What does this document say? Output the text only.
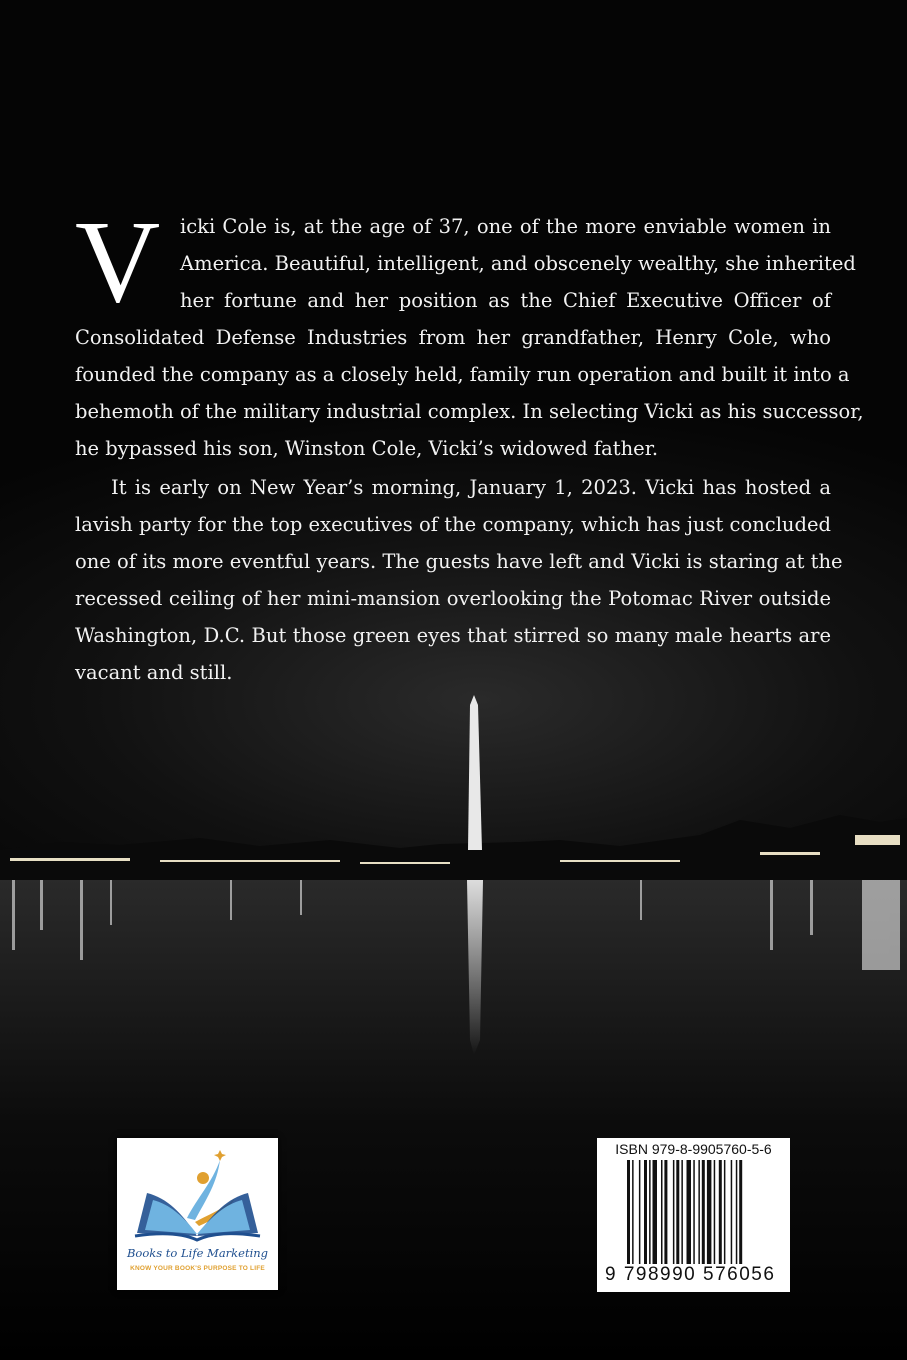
V	icki Cole is, at the age of 37, one of the more enviable women in
America. Beautiful, intelligent, and obscenely wealthy, she inherited
her fortune and her position as the Chief Executive Officer of
Consolidated Defense Industries from her grandfather, Henry Cole, who
founded the company as a closely held, family run operation and built it into a
behemoth of the military industrial complex. In selecting Vicki as his successor,
he bypassed his son, Winston Cole, Vicki’s widowed father.
It is early on New Year’s morning, January 1, 2023. Vicki has hosted a
lavish party for the top executives of the company, which has just concluded
one of its more eventful years. The guests have left and Vicki is staring at the
recessed ceiling of her mini-mansion overlooking the Potomac River outside
Washington, D.C. But those green eyes that stirred so many male hearts are
vacant and still.
Books to Life Marketing
KNOW YOUR BOOK'S PURPOSE TO LIFE
ISBN 979-8-9905760-5-6
9 798990 576056
